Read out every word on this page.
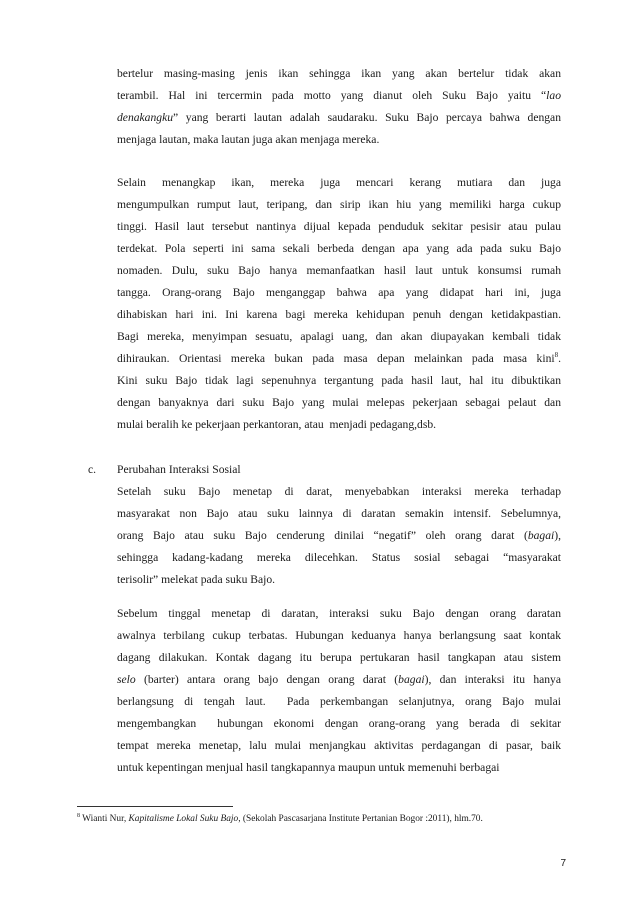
bertelur masing-masing jenis ikan sehingga ikan yang akan bertelur tidak akan
terambil. Hal ini tercermin pada motto yang dianut oleh Suku Bajo yaitu “lao
denakangku” yang berarti lautan adalah saudaraku. Suku Bajo percaya bahwa dengan
menjaga lautan, maka lautan juga akan menjaga mereka.
Selain menangkap ikan, mereka juga mencari kerang mutiara dan juga
mengumpulkan rumput laut, teripang, dan sirip ikan hiu yang memiliki harga cukup
tinggi. Hasil laut tersebut nantinya dijual kepada penduduk sekitar pesisir atau pulau
terdekat. Pola seperti ini sama sekali berbeda dengan apa yang ada pada suku Bajo
nomaden. Dulu, suku Bajo hanya memanfaatkan hasil laut untuk konsumsi rumah
tangga. Orang-orang Bajo menganggap bahwa apa yang didapat hari ini, juga
dihabiskan hari ini. Ini karena bagi mereka kehidupan penuh dengan ketidakpastian.
Bagi mereka, menyimpan sesuatu, apalagi uang, dan akan diupayakan kembali tidak
dihiraukan. Orientasi mereka bukan pada masa depan melainkan pada masa kini$^8$.
Kini suku Bajo tidak lagi sepenuhnya tergantung pada hasil laut, hal itu dibuktikan
dengan banyaknya dari suku Bajo yang mulai melepas pekerjaan sebagai pelaut dan
mulai beralih ke pekerjaan perkantoran, atau  menjadi pedagang,dsb.
c. Perubahan Interaksi Sosial
Setelah suku Bajo menetap di darat, menyebabkan interaksi mereka terhadap
masyarakat non Bajo atau suku lainnya di daratan semakin intensif. Sebelumnya,
orang Bajo atau suku Bajo cenderung dinilai “negatif” oleh orang darat (bagai),
sehingga kadang-kadang mereka dilecehkan. Status sosial sebagai “masyarakat
terisolir” melekat pada suku Bajo.
Sebelum tinggal menetap di daratan, interaksi suku Bajo dengan orang daratan
awalnya terbilang cukup terbatas. Hubungan keduanya hanya berlangsung saat kontak
dagang dilakukan. Kontak dagang itu berupa pertukaran hasil tangkapan atau sistem
selo (barter) antara orang bajo dengan orang darat (bagai), dan interaksi itu hanya
berlangsung di tengah laut.  Pada perkembangan selanjutnya, orang Bajo mulai
mengembangkan  hubungan ekonomi dengan orang-orang yang berada di sekitar
tempat mereka menetap, lalu mulai menjangkau aktivitas perdagangan di pasar, baik
untuk kepentingan menjual hasil tangkapannya maupun untuk memenuhi berbagai
$^8$ Wianti Nur, Kapitalisme Lokal Suku Bajo, (Sekolah Pascasarjana Institute Pertanian Bogor :2011), hlm.70.
7
